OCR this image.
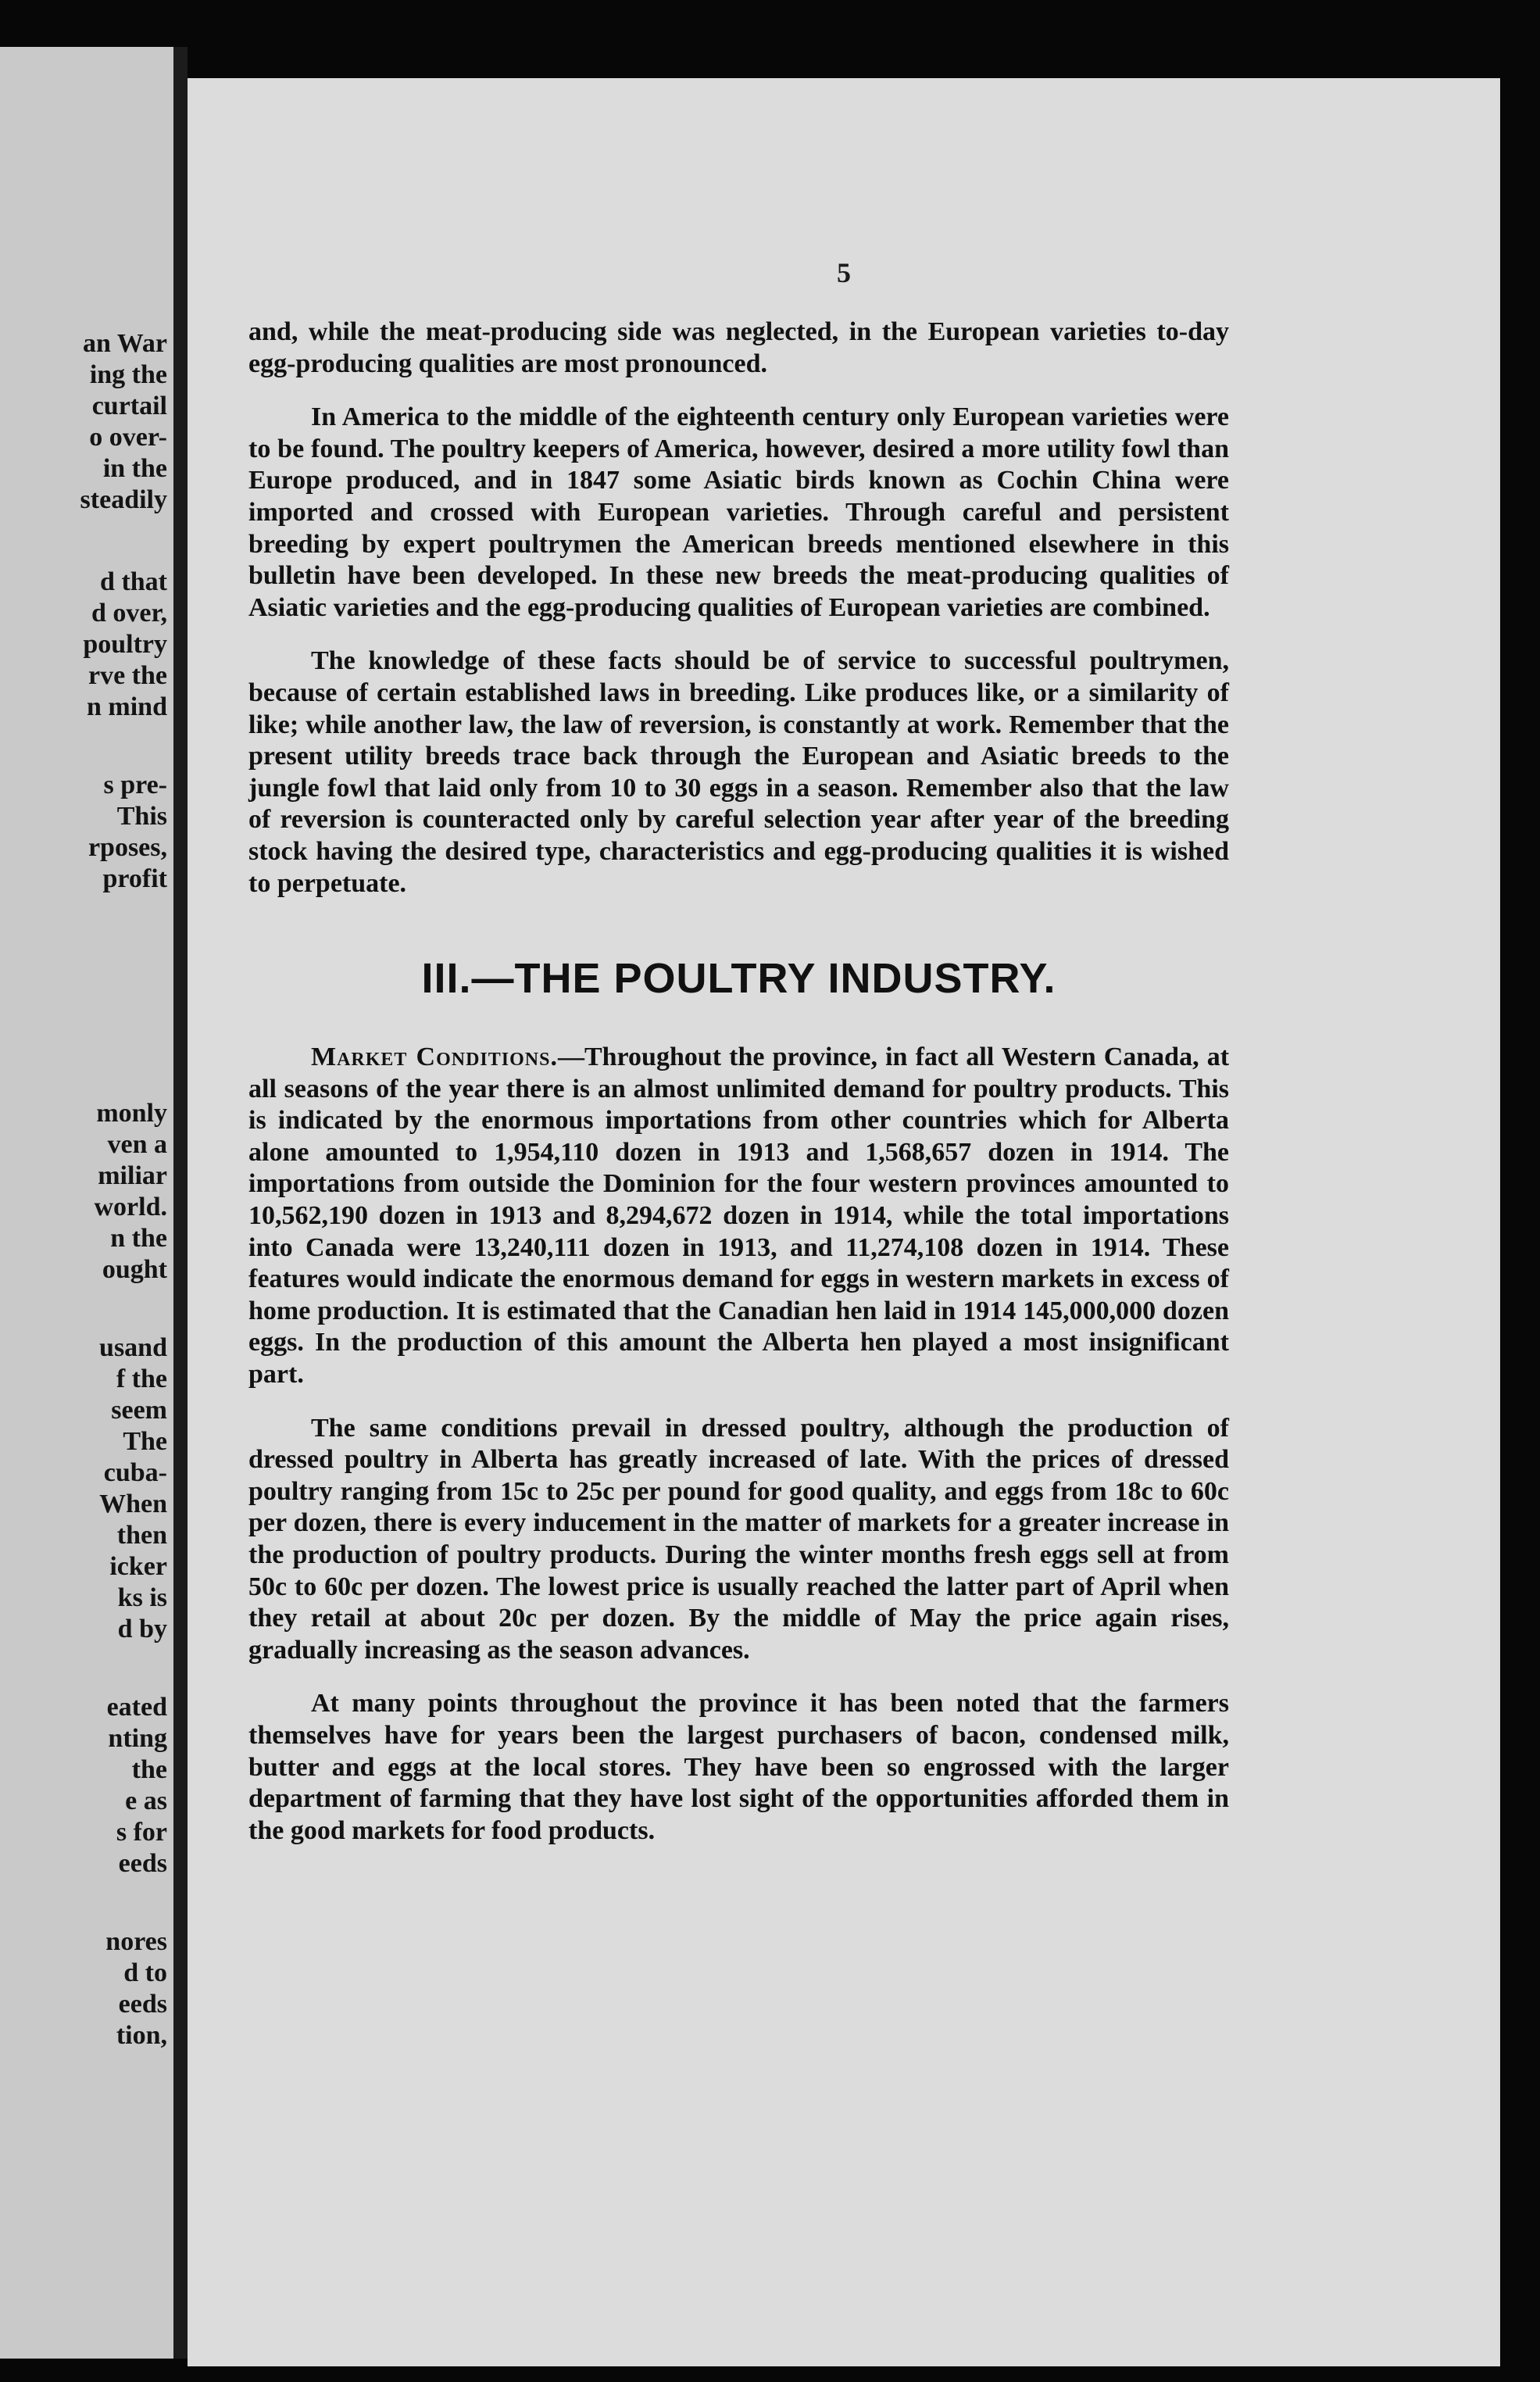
an War
ing the
curtail
o over-
in the
steadily
d that
d over,
poultry
rve the
n mind
s pre-
This
rposes,
profit
monly
ven a
miliar
world.
n the
ought
usand
f the
seem
The
cuba-
When
then
icker
ks is
d by
eated
nting
the
e as
s for
eeds
nores
d to
eeds
tion,
5

and, while the meat-producing side was neglected, in the European varieties to-day egg-producing qualities are most pronounced.

In America to the middle of the eighteenth century only European varieties were to be found. The poultry keepers of America, however, desired a more utility fowl than Europe produced, and in 1847 some Asiatic birds known as Cochin China were imported and crossed with European varieties. Through careful and persistent breeding by expert poultrymen the American breeds mentioned elsewhere in this bulletin have been developed. In these new breeds the meat-producing qualities of Asiatic varieties and the egg-producing qualities of European varieties are combined.

The knowledge of these facts should be of service to successful poultrymen, because of certain established laws in breeding. Like produces like, or a similarity of like; while another law, the law of reversion, is constantly at work. Remember that the present utility breeds trace back through the European and Asiatic breeds to the jungle fowl that laid only from 10 to 30 eggs in a season. Remember also that the law of reversion is counteracted only by careful selection year after year of the breeding stock having the desired type, characteristics and egg-producing qualities it is wished to perpetuate.

III.—THE POULTRY INDUSTRY.

Market Conditions.—Throughout the province, in fact all Western Canada, at all seasons of the year there is an almost unlimited demand for poultry products. This is indicated by the enormous importations from other countries which for Alberta alone amounted to 1,954,110 dozen in 1913 and 1,568,657 dozen in 1914. The importations from outside the Dominion for the four western provinces amounted to 10,562,190 dozen in 1913 and 8,294,672 dozen in 1914, while the total importations into Canada were 13,240,111 dozen in 1913, and 11,274,108 dozen in 1914. These features would indicate the enormous demand for eggs in western markets in excess of home production. It is estimated that the Canadian hen laid in 1914 145,000,000 dozen eggs. In the production of this amount the Alberta hen played a most insignificant part.

The same conditions prevail in dressed poultry, although the production of dressed poultry in Alberta has greatly increased of late. With the prices of dressed poultry ranging from 15c to 25c per pound for good quality, and eggs from 18c to 60c per dozen, there is every inducement in the matter of markets for a greater increase in the production of poultry products. During the winter months fresh eggs sell at from 50c to 60c per dozen. The lowest price is usually reached the latter part of April when they retail at about 20c per dozen. By the middle of May the price again rises, gradually increasing as the season advances.

At many points throughout the province it has been noted that the farmers themselves have for years been the largest purchasers of bacon, condensed milk, butter and eggs at the local stores. They have been so engrossed with the larger department of farming that they have lost sight of the opportunities afforded them in the good markets for food products.
